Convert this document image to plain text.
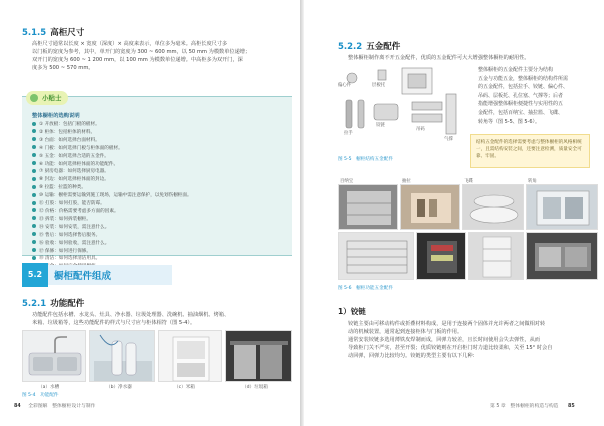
5.1.5 高柜尺寸
高柜尺寸通常以长度 × 宽度（深度）× 高度来表示，单位多为毫米。高柜长度尺寸多
以门板的宽度为参考，其中，单开门的宽度为 300 ~ 600 mm，以 50 mm 为模数单位递增；
双开门的宽度为 600 ~ 1 200 mm，以 100 mm 为模数单位递增。中高柜多为双开门，深
度多为 500 ~ 570 mm。
小贴士
整体橱柜的选购说明
① 开放板：包括门板的板材。
② 柜体：包括柜体的材料。
③ 台面：如何选择台面材料。
④ 门板：如何选择门板与柜体面的板材。
⑤ 五金：如何选择合适的五金件。
⑥ 功能：如何选择柜体面的功能配件。
⑦ 厨房电器：如何选择厨房电器。
⑧ 封边：如何选择柜体面的封边。
⑨ 拉篮：拉篮的种类。
⑩ 运输：橱柜需要运输到施工现场，运输中需注意保护，以免划伤橱柜面。
⑪ 打胶：如何打胶，能否防霉。
⑫ 价格：价格需要考虑多方面的因素。
⑬ 拆装：如何拆装橱柜。
⑭ 安装：如何安装，需注意什么。
⑮ 售后：如何选择售后服务。
⑯ 验收：如何验收，需注意什么。
⑰ 保修：如何进行保修。
⑱ 清洁：如何选择清洁用具。
5.2	橱柜配件组成
5.2.1 功能配件
功能配件包括水槽、水龙头、灶具、净水器、垃圾处理器、洗碗机、抽油烟机、烤箱、
米箱、垃圾箱等，这些功能配件的样式与尺寸应与柜体相符（图 5-4）。
（a）水槽	（b）净水器	（c）米箱	（d）垃圾箱
图 5-4　功能配件
84 全彩图解　整体橱柜设计与制作
5.2.2 五金配件
整体橱柜制作离不开五金配件，优质的五金配件可大大增强整体橱柜的耐用性。
偏心件	层板托
拉手
铰链
吊码
气撑
图 5-5　橱柜结构五金配件
整体橱柜的五金配件主要分为结构
五金与功能五金，整体橱柜的结构件所需
的五金配件，包括拉手、铰链、偏心件、
吊码、层板托、孔位塞、气撑等；后者
指能增强整体橱柜便捷性与实用性的五
金配件，包括百纳宝、抽拉篮、飞碟、
转角等（图 5-5、图 5-6）。
结构五金配件的选择需要考虑与整体橱柜的风格相统一，且需结构安装之间，还要注意检测，质量安全可靠、牢固。
百纳宝	抽拉	飞碟	转角
图 5-6　橱柜功能五金配件
1）铰链
铰链主要由可移动构件或折叠材料构成，是用于连接两个固体并允许两者之间做相对转
动的机械装置，通常起到连接柜体与门板的作用。
通常安装铰链多选用薄铁皮焊制而成，回弹力较差，且长时间使用会失去弹性，从而
导致柜门关不严实，甚至开裂；优质铰链则在开启柜门时力道比较柔和，关至 15° 时会自
动回弹，回弹力比较均匀。铰链的类型主要有以下几种：
第 5 章　整体橱柜的构造与构造 85
